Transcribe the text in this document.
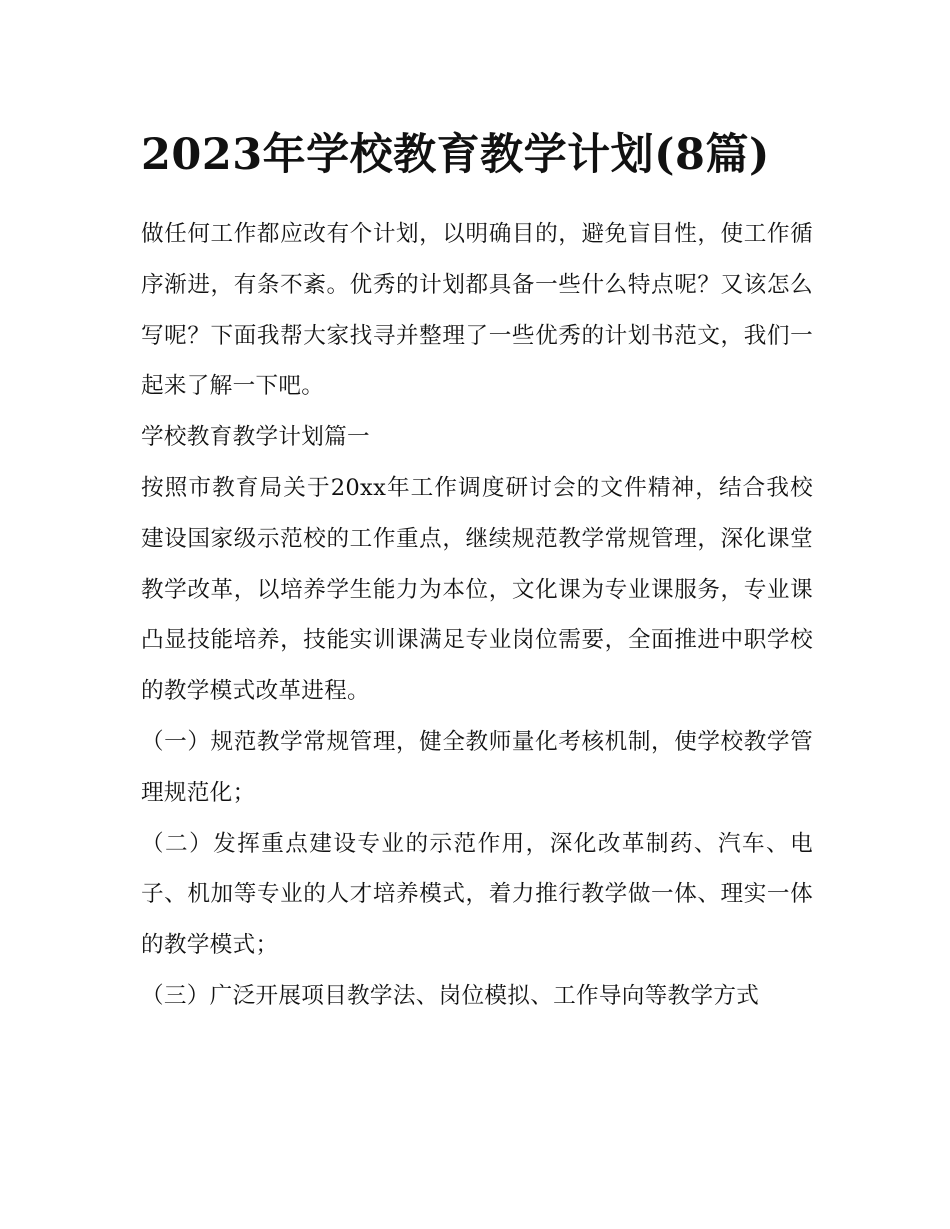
2023年学校教育教学计划(8篇)

做任何工作都应改有个计划，以明确目的，避免盲目性，使工作循序渐进，有条不紊。优秀的计划都具备一些什么特点呢？又该怎么写呢？下面我帮大家找寻并整理了一些优秀的计划书范文，我们一起来了解一下吧。

学校教育教学计划篇一

按照市教育局关于20xx年工作调度研讨会的文件精神，结合我校建设国家级示范校的工作重点，继续规范教学常规管理，深化课堂教学改革，以培养学生能力为本位，文化课为专业课服务，专业课凸显技能培养，技能实训课满足专业岗位需要，全面推进中职学校的教学模式改革进程。

（一）规范教学常规管理，健全教师量化考核机制，使学校教学管理规范化；

（二）发挥重点建设专业的示范作用，深化改革制药、汽车、电子、机加等专业的人才培养模式，着力推行教学做一体、理实一体的教学模式；

（三）广泛开展项目教学法、岗位模拟、工作导向等教学方式
